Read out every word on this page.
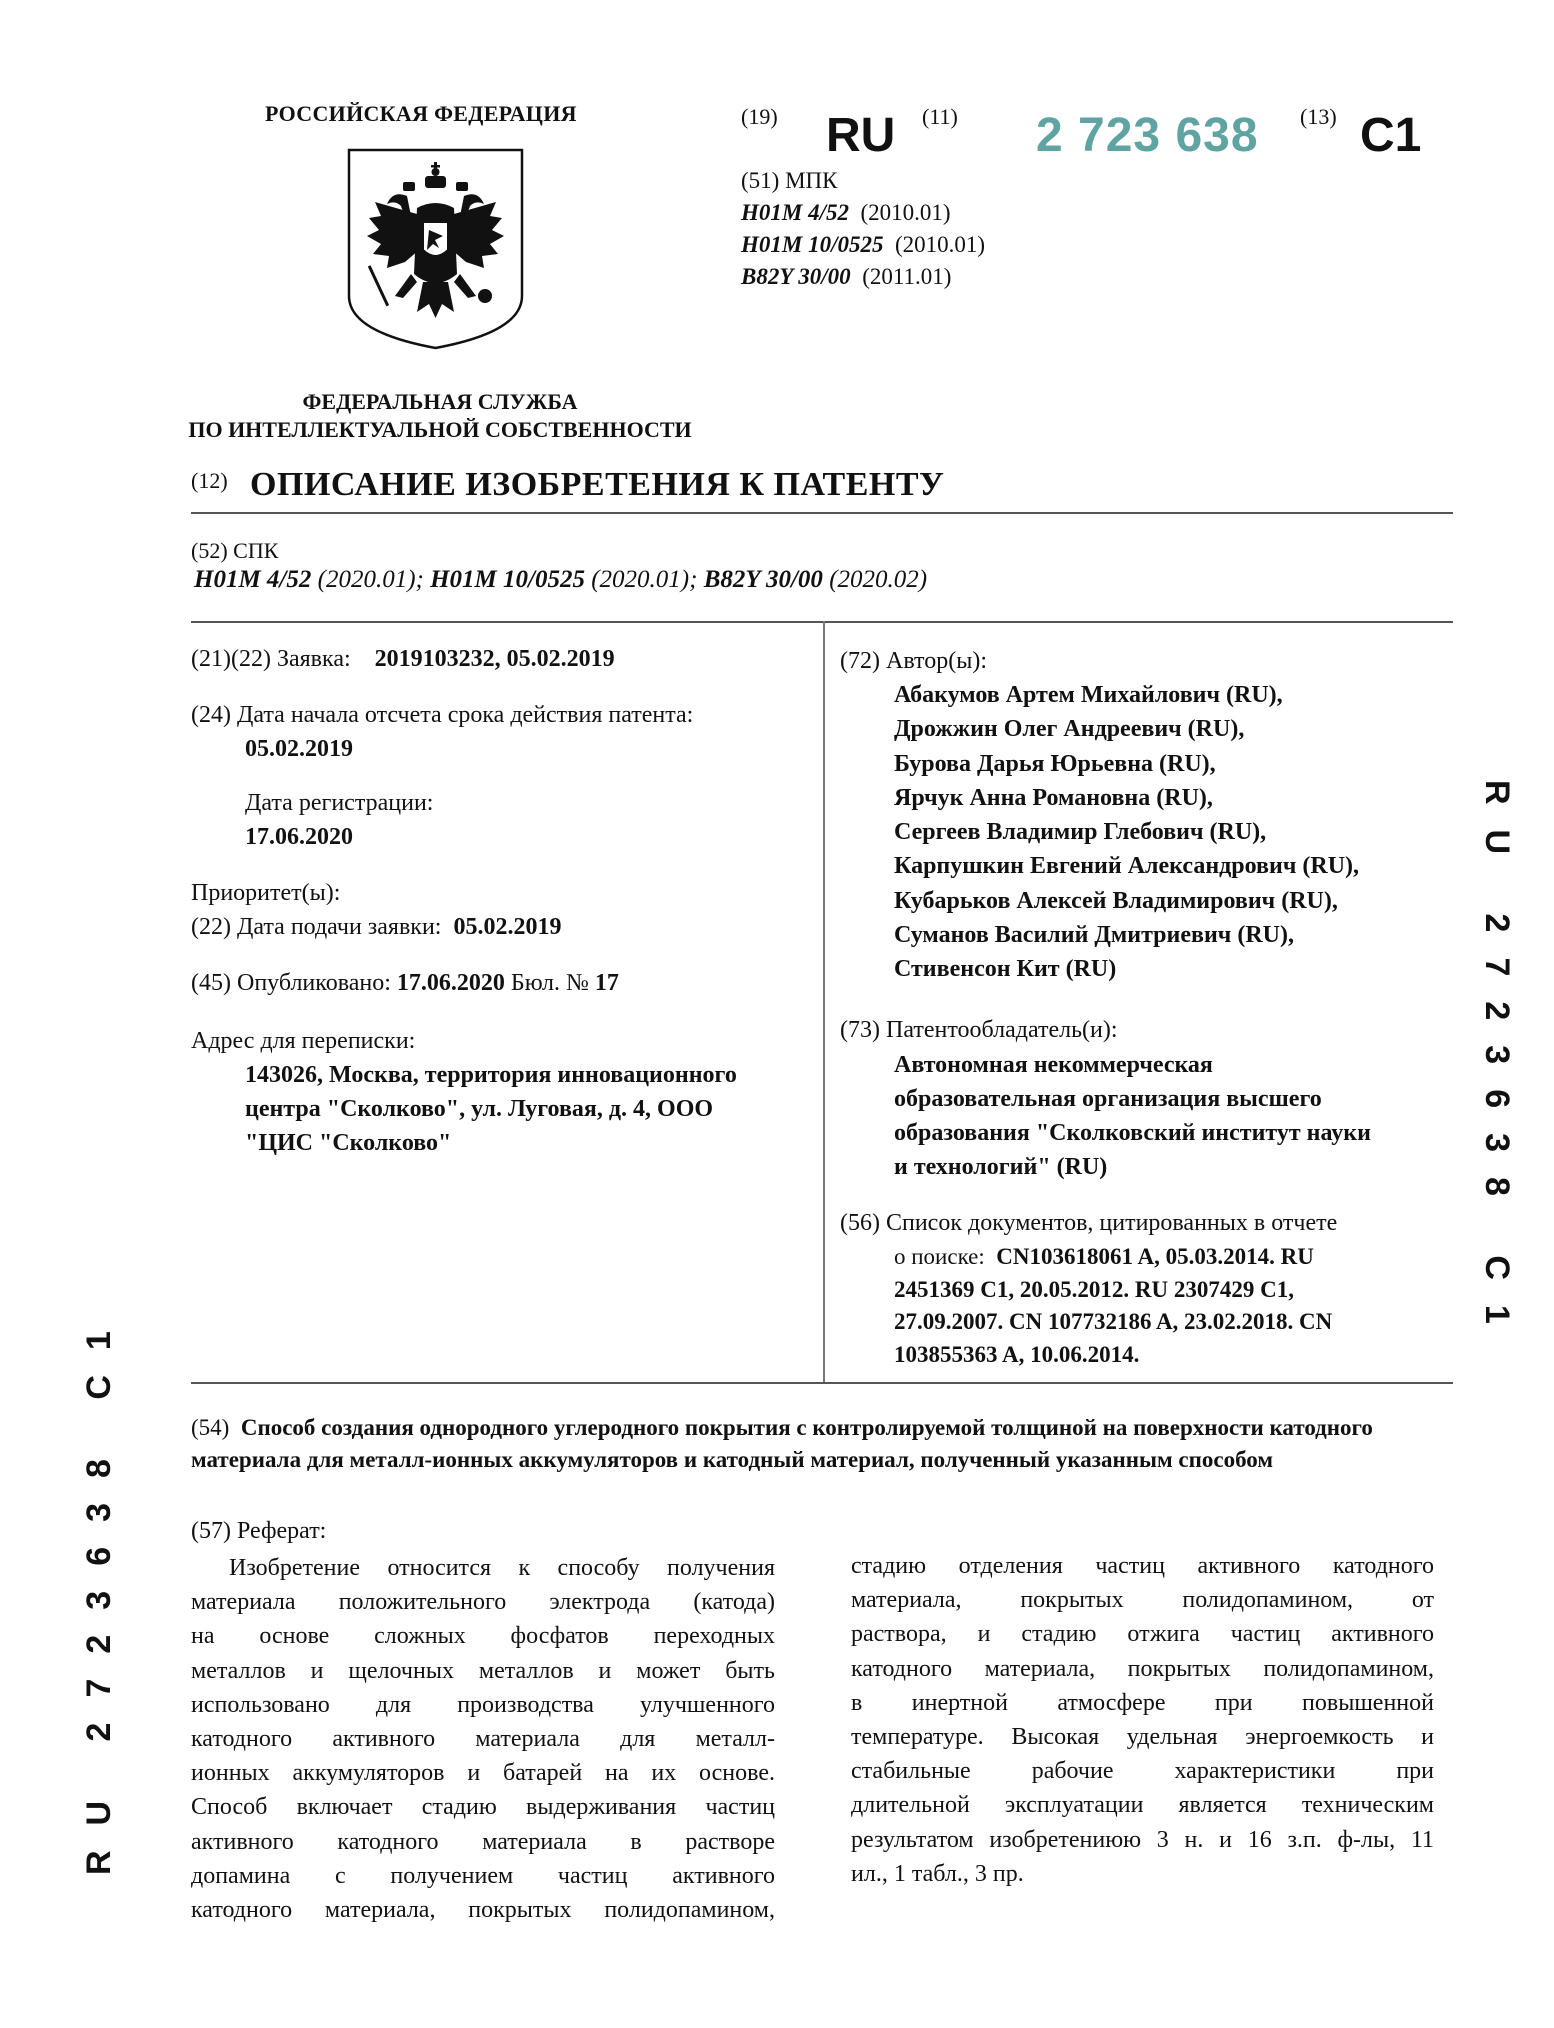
РОССИЙСКАЯ ФЕДЕРАЦИЯ
ФЕДЕРАЛЬНАЯ СЛУЖБА
ПО ИНТЕЛЛЕКТУАЛЬНОЙ СОБСТВЕННОСТИ
(19) RU (11) 2 723 638 (13) C1
(51) МПК
H01M 4/52 (2010.01)
H01M 10/0525 (2010.01)
B82Y 30/00 (2011.01)
(12) ОПИСАНИЕ ИЗОБРЕТЕНИЯ К ПАТЕНТУ
(52) СПК
H01M 4/52 (2020.01); H01M 10/0525 (2020.01); B82Y 30/00 (2020.02)
(21)(22) Заявка: 2019103232, 05.02.2019
(24) Дата начала отсчета срока действия патента:
05.02.2019
Дата регистрации:
17.06.2020
Приоритет(ы):
(22) Дата подачи заявки: 05.02.2019
(45) Опубликовано: 17.06.2020 Бюл. № 17
Адрес для переписки:
143026, Москва, территория инновационного
центра "Сколково", ул. Луговая, д. 4, ООО
"ЦИС "Сколково"
(72) Автор(ы):
Абакумов Артем Михайлович (RU),
Дрожжин Олег Андреевич (RU),
Бурова Дарья Юрьевна (RU),
Ярчук Анна Романовна (RU),
Сергеев Владимир Глебович (RU),
Карпушкин Евгений Александрович (RU),
Кубарьков Алексей Владимирович (RU),
Суманов Василий Дмитриевич (RU),
Стивенсон Кит (RU)
(73) Патентообладатель(и):
Автономная некоммерческая
образовательная организация высшего
образования "Сколковский институт науки
и технологий" (RU)
(56) Список документов, цитированных в отчете
о поиске: CN103618061 A, 05.03.2014. RU
2451369 C1, 20.05.2012. RU 2307429 C1,
27.09.2007. CN 107732186 A, 23.02.2018. CN
103855363 A, 10.06.2014.
(54) Способ создания однородного углеродного покрытия с контролируемой толщиной на поверхности катодного материала для металл-ионных аккумуляторов и катодный материал, полученный указанным способом
(57) Реферат:
Изобретение относится к способу получения
материала положительного электрода (катода)
на основе сложных фосфатов переходных
металлов и щелочных металлов и может быть
использовано для производства улучшенного
катодного активного материала для металл-
ионных аккумуляторов и батарей на их основе.
Способ включает стадию выдерживания частиц
активного катодного материала в растворе
допамина с получением частиц активного
катодного материала, покрытых полидопамином,
стадию отделения частиц активного катодного
материала, покрытых полидопамином, от
раствора, и стадию отжига частиц активного
катодного материала, покрытых полидопамином,
в инертной атмосфере при повышенной
температуре. Высокая удельная энергоемкость и
стабильные рабочие характеристики при
длительной эксплуатации является техническим
результатом изобретениюю 3 н. и 16 з.п. ф-лы, 11
ил., 1 табл., 3 пр.
RU 2723638 C1
RU 2723638 C1
